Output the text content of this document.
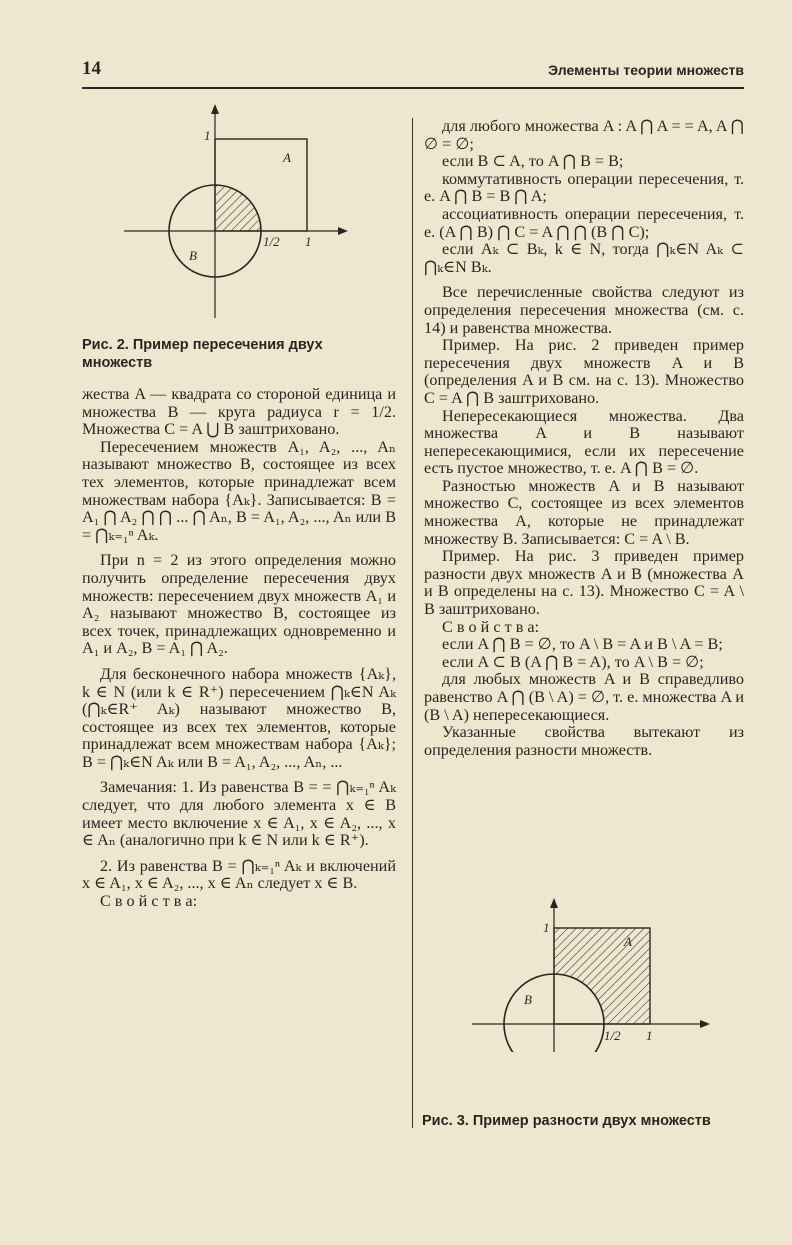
14	Элементы теории множеств
1
A
B
1/2 1
Рис. 2. Пример пересечения двух множеств

жества A — квадрата со стороной единица и множества B — круга радиуса r = 1/2. Множества C = A ⋃ B заштриховано.

Пересечением множеств A₁, A₂, ..., Aₙ называют множество B, состоящее из всех тех элементов, которые принадлежат всем множествам набора {Aₖ}. Записывается: B = A₁ ⋂ A₂ ⋂ ⋂ ... ⋂ Aₙ, B = A₁, A₂, ..., Aₙ или B = ⋂ₖ₌₁ⁿ Aₖ.

При n = 2 из этого определения можно получить определение пересечения двух множеств: пересечением двух множеств A₁ и A₂ называют множество B, состоящее из всех точек, принадлежащих одновременно и A₁ и A₂, B = A₁ ⋂ A₂.

Для бесконечного набора множеств {Aₖ}, k ∈ N (или k ∈ R⁺) пересечением ⋂ₖ∈N Aₖ (⋂ₖ∈R⁺ Aₖ) называют множество B, состоящее из всех тех элементов, которые принадлежат всем множествам набора {Aₖ}; B = ⋂ₖ∈N Aₖ или B = A₁, A₂, ..., Aₙ, ...

Замечания: 1. Из равенства B = = ⋂ₖ₌₁ⁿ Aₖ следует, что для любого элемента x ∈ B имеет место включение x ∈ A₁, x ∈ A₂, ..., x ∈ Aₙ (аналогично при k ∈ N или k ∈ R⁺).

2. Из равенства B = ⋂ₖ₌₁ⁿ Aₖ и включений x ∈ A₁, x ∈ A₂, ..., x ∈ Aₙ следует x ∈ B.

С в о й с т в а:

для любого множества A : A ⋂ A = = A, A ⋂ ∅ = ∅;

если B ⊂ A, то A ⋂ B = B;

коммутативность операции пересечения, т. е. A ⋂ B = B ⋂ A;

ассоциативность операции пересечения, т. е. (A ⋂ B) ⋂ C = A ⋂ ⋂ (B ⋂ C);

если Aₖ ⊂ Bₖ, k ∈ N, тогда ⋂ₖ∈N Aₖ ⊂ ⋂ₖ∈N Bₖ.

Все перечисленные свойства следуют из определения пересечения множества (см. с. 14) и равенства множества.

Пример. На рис. 2 приведен пример пересечения двух множеств A и B (определения A и B см. на с. 13). Множество C = A ⋂ B заштриховано.

Непересекающиеся множества. Два множества A и B называют непересекающимися, если их пересечение есть пустое множество, т. е. A ⋂ B = ∅.

Разностью множеств A и B называют множество C, состоящее из всех элементов множества A, которые не принадлежат множеству B. Записывается: C = A \ B.

Пример. На рис. 3 приведен пример разности двух множеств A и B (множества A и B определены на с. 13). Множество C = A \ B заштриховано.

С в о й с т в а:

если A ⋂ B = ∅, то A \ B = A и B \ A = B;

если A ⊂ B (A ⋂ B = A), то A \ B = ∅;

для любых множеств A и B справедливо равенство A ⋂ (B \ A) = ∅, т. е. множества A и (B \ A) непересекающиеся.

Указанные свойства вытекают из определения разности множеств.

1
A
B
1/2 1
Рис. 3. Пример разности двух множеств
